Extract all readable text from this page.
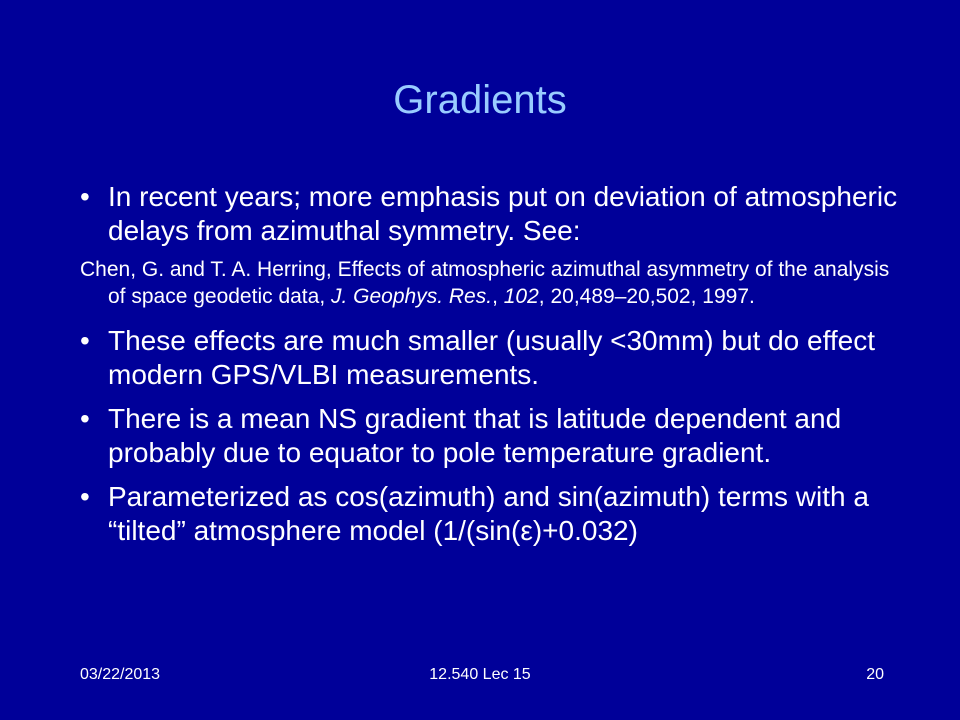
Gradients
• In recent years; more emphasis put on deviation of atmospheric delays from azimuthal symmetry. See:
Chen, G. and T. A. Herring, Effects of atmospheric azimuthal asymmetry of the analysis of space geodetic data, J. Geophys. Res., 102, 20,489–20,502, 1997.
• These effects are much smaller (usually <30mm) but do effect modern GPS/VLBI measurements.
• There is a mean NS gradient that is latitude dependent and probably due to equator to pole temperature gradient.
• Parameterized as cos(azimuth) and sin(azimuth) terms with a “tilted” atmosphere model (1/(sin(ε)+0.032)
03/22/2013	12.540 Lec 15	20
